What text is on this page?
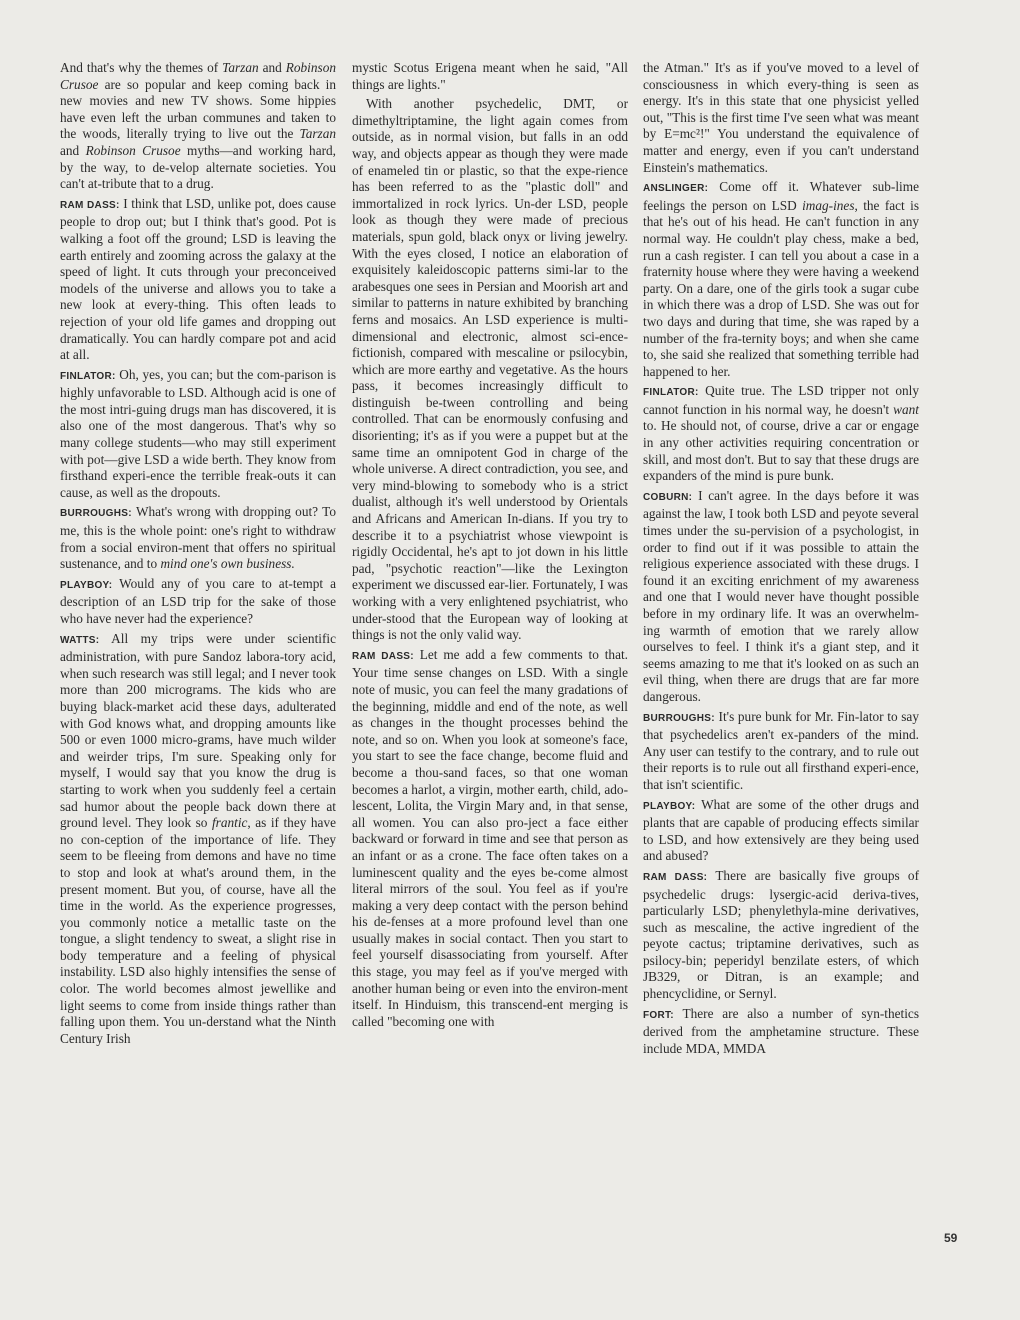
And that's why the themes of Tarzan and Robinson Crusoe are so popular and keep coming back in new movies and new TV shows. Some hippies have even left the urban communes and taken to the woods, literally trying to live out the Tarzan and Robinson Crusoe myths—and working hard, by the way, to de-velop alternate societies. You can't at-tribute that to a drug.

RAM DASS: I think that LSD, unlike pot, does cause people to drop out; but I think that's good. Pot is walking a foot off the ground; LSD is leaving the earth entirely and zooming across the galaxy at the speed of light. It cuts through your preconceived models of the universe and allows you to take a new look at every-thing. This often leads to rejection of your old life games and dropping out dramatically. You can hardly compare pot and acid at all.

FINLATOR: Oh, yes, you can; but the com-parison is highly unfavorable to LSD. Although acid is one of the most intri-guing drugs man has discovered, it is also one of the most dangerous. That's why so many college students—who may still experiment with pot—give LSD a wide berth. They know from firsthand experi-ence the terrible freak-outs it can cause, as well as the dropouts.

BURROUGHS: What's wrong with dropping out? To me, this is the whole point: one's right to withdraw from a social environ-ment that offers no spiritual sustenance, and to mind one's own business.

PLAYBOY: Would any of you care to at-tempt a description of an LSD trip for the sake of those who have never had the experience?

WATTS: All my trips were under scientific administration, with pure Sandoz labora-tory acid, when such research was still legal; and I never took more than 200 micrograms. The kids who are buying black-market acid these days, adulterated with God knows what, and dropping amounts like 500 or even 1000 micro-grams, have much wilder and weirder trips, I'm sure. Speaking only for myself, I would say that you know the drug is starting to work when you suddenly feel a certain sad humor about the people back down there at ground level. They look so frantic, as if they have no con-ception of the importance of life. They seem to be fleeing from demons and have no time to stop and look at what's around them, in the present moment. But you, of course, have all the time in the world. As the experience progresses, you commonly notice a metallic taste on the tongue, a slight tendency to sweat, a slight rise in body temperature and a feeling of physical instability. LSD also highly intensifies the sense of color. The world becomes almost jewellike and light seems to come from inside things rather than falling upon them. You un-derstand what the Ninth Century Irish

mystic Scotus Erigena meant when he said, "All things are lights."

With another psychedelic, DMT, or dimethyltriptamine, the light again comes from outside, as in normal vision, but falls in an odd way, and objects appear as though they were made of enameled tin or plastic, so that the expe-rience has been referred to as the "plastic doll" and immortalized in rock lyrics. Un-der LSD, people look as though they were made of precious materials, spun gold, black onyx or living jewelry. With the eyes closed, I notice an elaboration of exquisitely kaleidoscopic patterns simi-lar to the arabesques one sees in Persian and Moorish art and similar to patterns in nature exhibited by branching ferns and mosaics. An LSD experience is multi-dimensional and electronic, almost sci-ence-fictionish, compared with mescaline or psilocybin, which are more earthy and vegetative. As the hours pass, it becomes increasingly difficult to distinguish be-tween controlling and being controlled. That can be enormously confusing and disorienting; it's as if you were a puppet but at the same time an omnipotent God in charge of the whole universe. A direct contradiction, you see, and very mind-blowing to somebody who is a strict dualist, although it's well understood by Orientals and Africans and American In-dians. If you try to describe it to a psychiatrist whose viewpoint is rigidly Occidental, he's apt to jot down in his little pad, "psychotic reaction"—like the Lexington experiment we discussed ear-lier. Fortunately, I was working with a very enlightened psychiatrist, who under-stood that the European way of looking at things is not the only valid way.

RAM DASS: Let me add a few comments to that. Your time sense changes on LSD. With a single note of music, you can feel the many gradations of the beginning, middle and end of the note, as well as changes in the thought processes behind the note, and so on. When you look at someone's face, you start to see the face change, become fluid and become a thou-sand faces, so that one woman becomes a harlot, a virgin, mother earth, child, ado-lescent, Lolita, the Virgin Mary and, in that sense, all women. You can also pro-ject a face either backward or forward in time and see that person as an infant or as a crone. The face often takes on a luminescent quality and the eyes be-come almost literal mirrors of the soul. You feel as if you're making a very deep contact with the person behind his de-fenses at a more profound level than one usually makes in social contact. Then you start to feel yourself disassociating from yourself. After this stage, you may feel as if you've merged with another human being or even into the environ-ment itself. In Hinduism, this transcend-ent merging is called "becoming one with

the Atman." It's as if you've moved to a level of consciousness in which every-thing is seen as energy. It's in this state that one physicist yelled out, "This is the first time I've seen what was meant by E=mc²!" You understand the equivalence of matter and energy, even if you can't understand Einstein's mathematics.

ANSLINGER: Come off it. Whatever sub-lime feelings the person on LSD imag-ines, the fact is that he's out of his head. He can't function in any normal way. He couldn't play chess, make a bed, run a cash register. I can tell you about a case in a fraternity house where they were having a weekend party. On a dare, one of the girls took a sugar cube in which there was a drop of LSD. She was out for two days and during that time, she was raped by a number of the fra-ternity boys; and when she came to, she said she realized that something terrible had happened to her.

FINLATOR: Quite true. The LSD tripper not only cannot function in his normal way, he doesn't want to. He should not, of course, drive a car or engage in any other activities requiring concentration or skill, and most don't. But to say that these drugs are expanders of the mind is pure bunk.

COBURN: I can't agree. In the days before it was against the law, I took both LSD and peyote several times under the su-pervision of a psychologist, in order to find out if it was possible to attain the religious experience associated with these drugs. I found it an exciting enrichment of my awareness and one that I would never have thought possible before in my ordinary life. It was an overwhelm-ing warmth of emotion that we rarely allow ourselves to feel. I think it's a giant step, and it seems amazing to me that it's looked on as such an evil thing, when there are drugs that are far more dangerous.

BURROUGHS: It's pure bunk for Mr. Fin-lator to say that psychedelics aren't ex-panders of the mind. Any user can testify to the contrary, and to rule out their reports is to rule out all firsthand experi-ence, that isn't scientific.

PLAYBOY: What are some of the other drugs and plants that are capable of producing effects similar to LSD, and how extensively are they being used and abused?

RAM DASS: There are basically five groups of psychedelic drugs: lysergic-acid deriva-tives, particularly LSD; phenylethyla-mine derivatives, such as mescaline, the active ingredient of the peyote cactus; triptamine derivatives, such as psilocy-bin; peperidyl benzilate esters, of which JB329, or Ditran, is an example; and phencyclidine, or Sernyl.

FORT: There are also a number of syn-thetics derived from the amphetamine structure. These include MDA, MMDA

59
